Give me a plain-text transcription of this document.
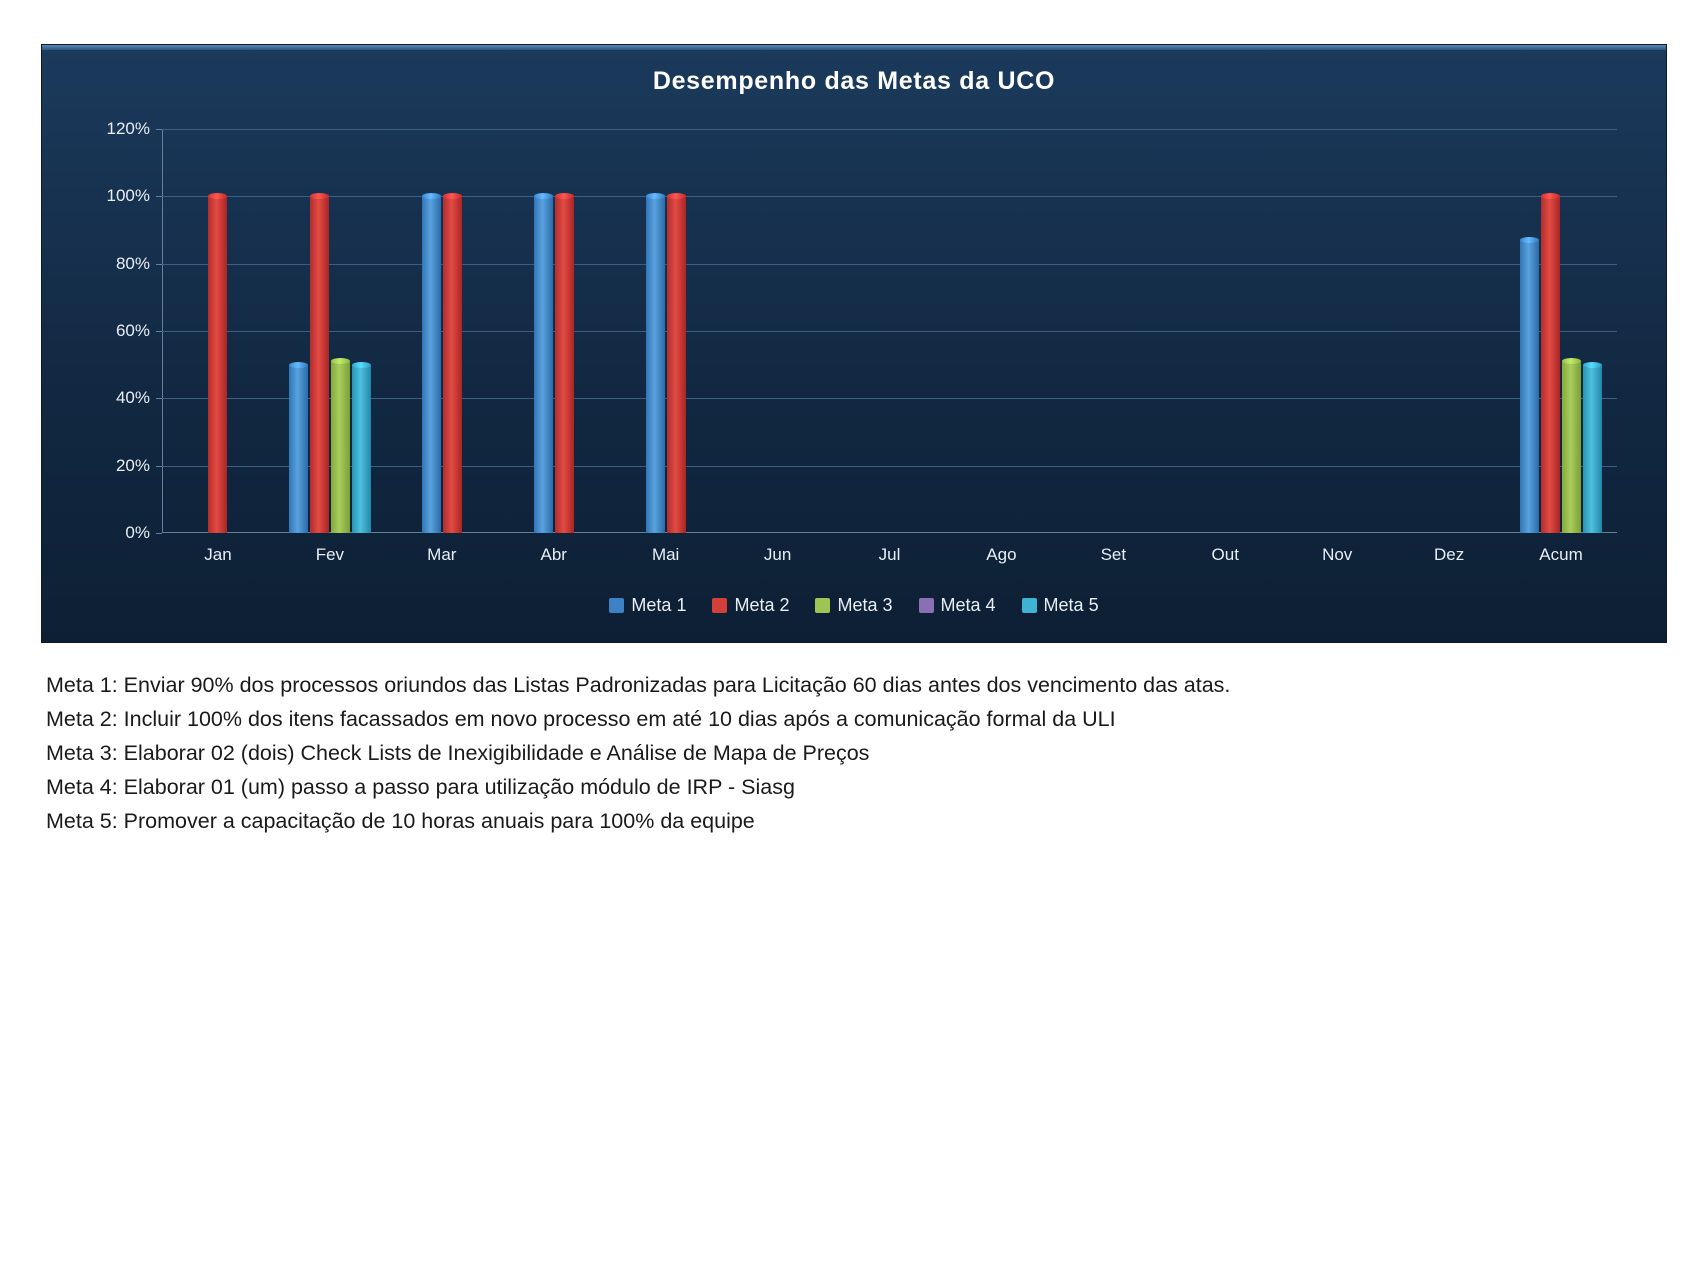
Desempenho das Metas da UCO
0%
20%
40%
60%
80%
100%
120%
Jan	Fev	Mar	Abr	Mai	Jun	Jul	Ago	Set	Out	Nov	Dez	Acum
Meta 1	Meta 2	Meta 3	Meta 4	Meta 5
Meta 1: Enviar 90% dos processos oriundos das Listas Padronizadas para Licitação 60 dias antes dos vencimento das atas.
Meta 2: Incluir 100% dos itens facassados em novo processo em até 10 dias após a comunicação formal da ULI
Meta 3: Elaborar 02 (dois) Check Lists de Inexigibilidade e Análise de Mapa de Preços
Meta 4: Elaborar 01 (um) passo a passo para utilização módulo de IRP - Siasg
Meta 5: Promover a capacitação de 10 horas anuais para 100% da equipe
